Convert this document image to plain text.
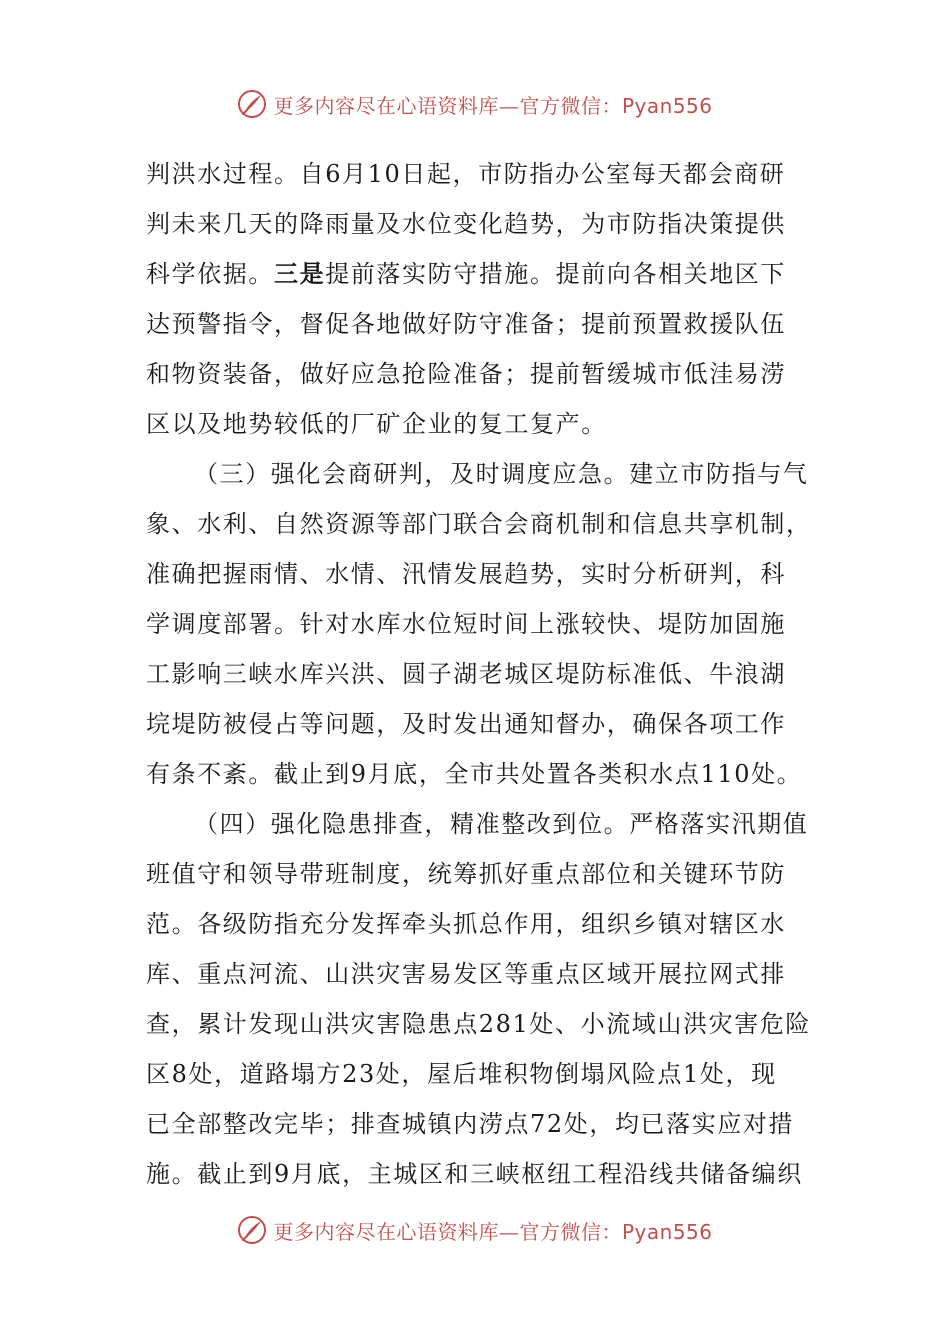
更多内容尽在心语资料库—官方微信：Pyan556
判洪水过程。自6月10日起，市防指办公室每天都会商研
判未来几天的降雨量及水位变化趋势，为市防指决策提供
科学依据。三是提前落实防守措施。提前向各相关地区下
达预警指令，督促各地做好防守准备；提前预置救援队伍
和物资装备，做好应急抢险准备；提前暂缓城市低洼易涝
区以及地势较低的厂矿企业的复工复产。
（三）强化会商研判，及时调度应急。建立市防指与气
象、水利、自然资源等部门联合会商机制和信息共享机制，
准确把握雨情、水情、汛情发展趋势，实时分析研判，科
学调度部署。针对水库水位短时间上涨较快、堤防加固施
工影响三峡水库兴洪、圆子湖老城区堤防标准低、牛浪湖
垸堤防被侵占等问题，及时发出通知督办，确保各项工作
有条不紊。截止到9月底，全市共处置各类积水点110处。
（四）强化隐患排查，精准整改到位。严格落实汛期值
班值守和领导带班制度，统筹抓好重点部位和关键环节防
范。各级防指充分发挥牵头抓总作用，组织乡镇对辖区水
库、重点河流、山洪灾害易发区等重点区域开展拉网式排
查，累计发现山洪灾害隐患点281处、小流域山洪灾害危险
区8处，道路塌方23处，屋后堆积物倒塌风险点1处，现
已全部整改完毕；排查城镇内涝点72处，均已落实应对措
施。截止到9月底，主城区和三峡枢纽工程沿线共储备编织
更多内容尽在心语资料库—官方微信：Pyan556
